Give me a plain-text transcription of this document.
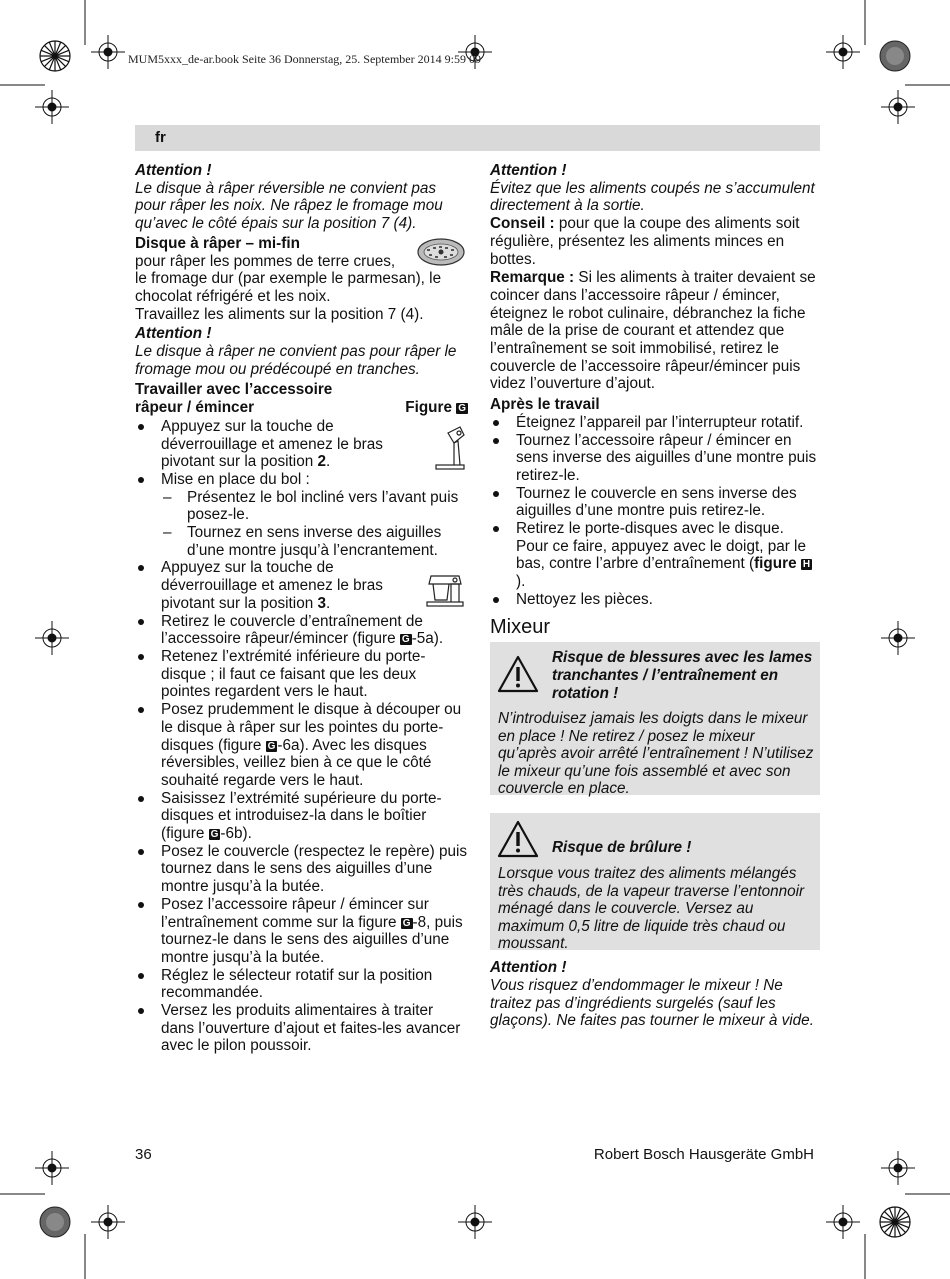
MUM5xxx_de-ar.book Seite 36 Donnerstag, 25. September 2014 9:59 09
fr

Attention !

Le disque à râper réversible ne convient pas pour râper les noix. Ne râpez le fromage mou qu’avec le côté épais sur la position 7 (4).

Disque à râper – mi-fin

pour râper les pommes de terre crues,
le fromage dur (par exemple le parmesan), le chocolat réfrigéré et les noix.
Travaillez les aliments sur la position 7 (4).

Attention !

Le disque à râper ne convient pas pour râper le fromage mou ou prédécoupé en tranches.

Travailler avec l’accessoire
râpeur / émincer	Figure G

Appuyez sur la touche de déverrouillage et amenez le bras pivotant sur la position 2.
Mise en place du bol :
– Présentez le bol incliné vers l’avant puis posez-le.
– Tournez en sens inverse des aiguilles d’une montre jusqu’à l’encrantement.
Appuyez sur la touche de déverrouillage et amenez le bras pivotant sur la position 3.
Retirez le couvercle d’entraînement de l’accessoire râpeur/émincer (figure G -5a).
Retenez l’extrémité inférieure du porte-disque ; il faut ce faisant que les deux pointes regardent vers le haut.
Posez prudemment le disque à découper ou le disque à râper sur les pointes du porte-disques (figure G -6a). Avec les disques réversibles, veillez bien à ce que le côté souhaité regarde vers le haut.
Saisissez l’extrémité supérieure du porte-disques et introduisez-la dans le boîtier (figure G -6b).
Posez le couvercle (respectez le repère) puis tournez dans le sens des aiguilles d’une montre jusqu’à la butée.
Posez l’accessoire râpeur / émincer sur l’entraînement comme sur la figure G -8, puis tournez-le dans le sens des aiguilles d’une montre jusqu’à la butée.
Réglez le sélecteur rotatif sur la position recommandée.
Versez les produits alimentaires à traiter dans l’ouverture d’ajout et faites-les avancer avec le pilon poussoir.

Attention !

Évitez que les aliments coupés ne s’accumulent directement à la sortie.

Conseil : pour que la coupe des aliments soit régulière, présentez les aliments minces en bottes.

Remarque : Si les aliments à traiter devaient se coincer dans l’accessoire râpeur / émincer, éteignez le robot culinaire, débranchez la fiche mâle de la prise de courant et attendez que l’entraînement se soit immobilisé, retirez le couvercle de l’accessoire râpeur/émincer puis videz l’ouverture d’ajout.

Après le travail

Éteignez l’appareil par l’interrupteur rotatif.
Tournez l’accessoire râpeur / émincer en sens inverse des aiguilles d’une montre puis retirez-le.
Tournez le couvercle en sens inverse des aiguilles d’une montre puis retirez-le.
Retirez le porte-disques avec le disque. Pour ce faire, appuyez avec le doigt, par le bas, contre l’arbre d’entraînement (figure H).
Nettoyez les pièces.
Mixeur
Risque de blessures avec les lames tranchantes / l’entraînement en rotation !
N’introduisez jamais les doigts dans le mixeur en place ! Ne retirez / posez le mixeur qu’après avoir arrêté l’entraînement ! N’utilisez le mixeur qu’une fois assemblé et avec son couvercle en place.
Risque de brûlure !
Lorsque vous traitez des aliments mélangés très chauds, de la vapeur traverse l’entonnoir ménagé dans le couvercle. Versez au maximum 0,5 litre de liquide très chaud ou moussant.

Attention !

Vous risquez d’endommager le mixeur ! Ne traitez pas d’ingrédients surgelés (sauf les glaçons). Ne faites pas tourner le mixeur à vide.

36	Robert Bosch Hausgeräte GmbH
